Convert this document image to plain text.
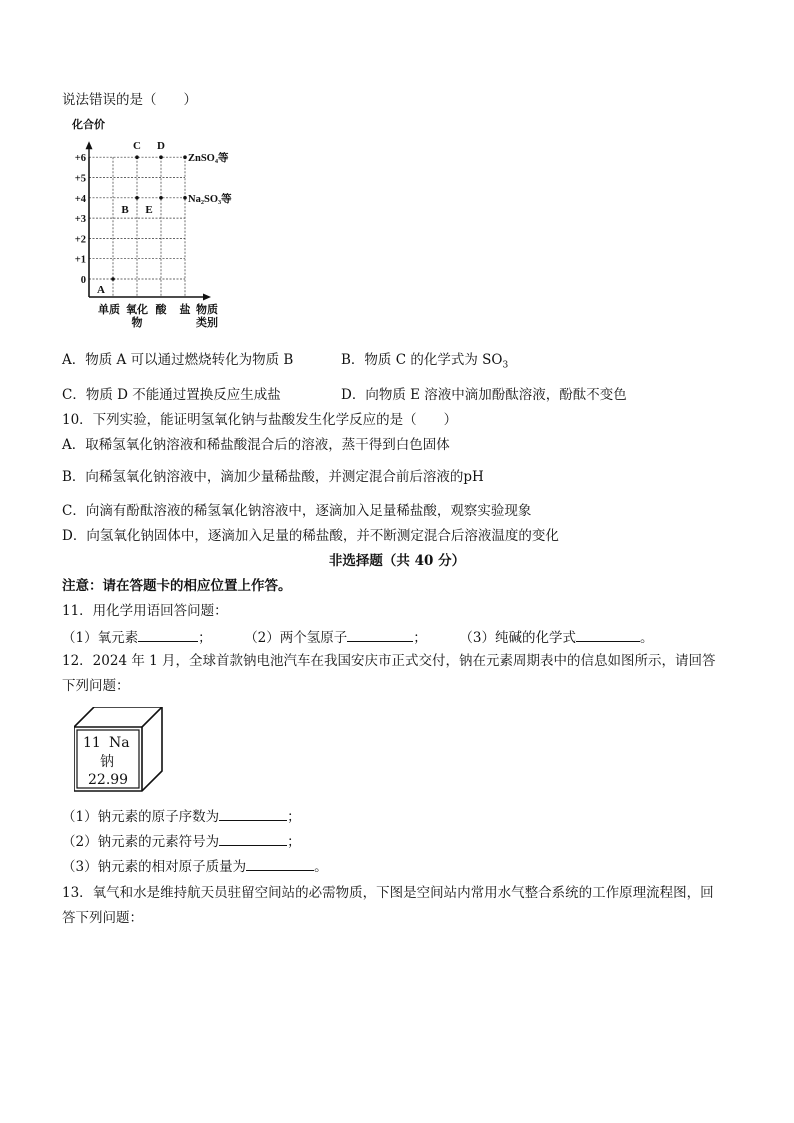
说法错误的是（　　）
化合价
+6
+5
+4
+3
+2
+1
0
单质 氧化
物
酸 盐 物质
类别
A
B
C D
E
ZnSO₄等
Na₂SO₃等
A．物质 A 可以通过燃烧转化为物质 B	B．物质 C 的化学式为 $SO_3$
C．物质 D 不能通过置换反应生成盐	D．向物质 E 溶液中滴加酚酞溶液，酚酞不变色
10．下列实验，能证明氢氧化钠与盐酸发生化学反应的是（　　）
A．取稀氢氧化钠溶液和稀盐酸混合后的溶液，蒸干得到白色固体
B．向稀氢氧化钠溶液中，滴加少量稀盐酸，并测定混合前后溶液的pH
C．向滴有酚酞溶液的稀氢氧化钠溶液中，逐滴加入足量稀盐酸，观察实验现象
D．向氢氧化钠固体中，逐滴加入足量的稀盐酸，并不断测定混合后溶液温度的变化
非选择题（共 40 分）
注意：请在答题卡的相应位置上作答。
11．用化学用语回答问题：
（1）氧元素	； （2）两个氢原子	； （3）纯碱的化学式	。
12．2024 年 1 月，全球首款钠电池汽车在我国安庆市正式交付，钠在元素周期表中的信息如图所示，请回答
下列问题：
11 Na
钠
22.99
（1）钠元素的原子序数为	；
（2）钠元素的元素符号为	；
（3）钠元素的相对原子质量为	。
13．氧气和水是维持航天员驻留空间站的必需物质，下图是空间站内常用水气整合系统的工作原理流程图，回
答下列问题：
